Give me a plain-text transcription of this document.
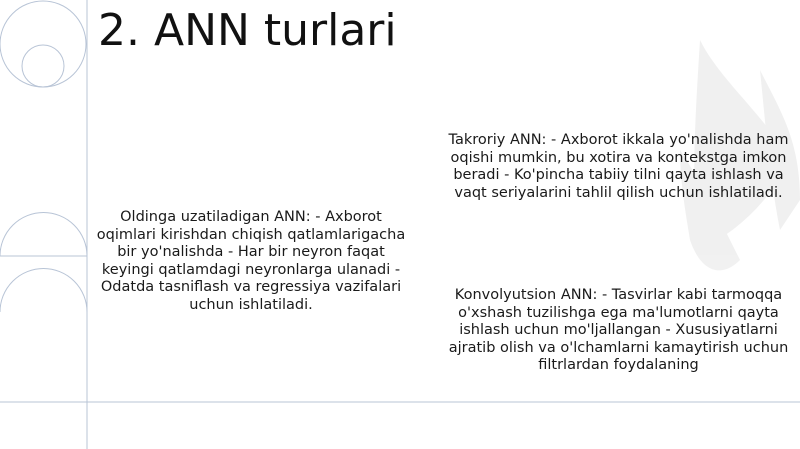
2. ANN turlari
Oldinga uzatiladigan ANN: - Axborot oqimlari kirishdan chiqish qatlamlarigacha bir yo'nalishda - Har bir neyron faqat keyingi qatlamdagi neyronlarga ulanadi - Odatda tasniflash va regressiya vazifalari uchun ishlatiladi.
Takroriy ANN: - Axborot ikkala yo'nalishda ham oqishi mumkin, bu xotira va kontekstga imkon beradi - Ko'pincha tabiiy tilni qayta ishlash va vaqt seriyalarini tahlil qilish uchun ishlatiladi.
Konvolyutsion ANN: - Tasvirlar kabi tarmoqqa o'xshash tuzilishga ega ma'lumotlarni qayta ishlash uchun mo'ljallangan - Xususiyatlarni ajratib olish va o'lchamlarni kamaytirish uchun filtrlardan foydalaning
